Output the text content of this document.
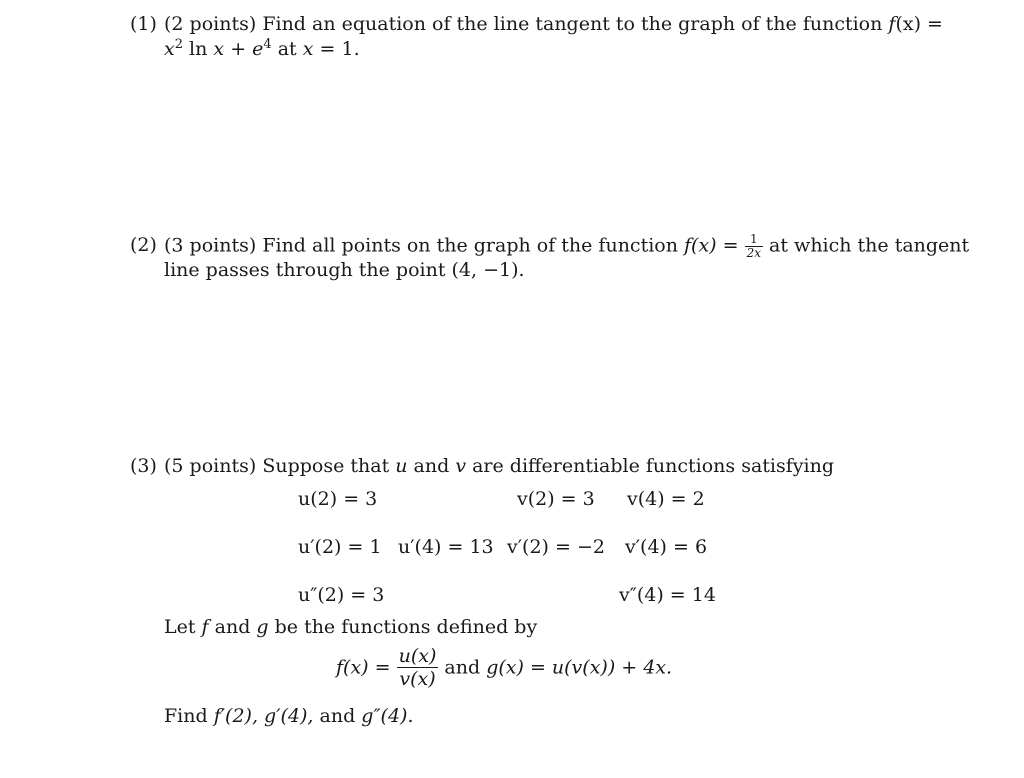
(1) (2 points) Find an equation of the line tangent to the graph of the function f(x) =
$x^2$ $\ln x + e^4$ at x = 1.
(2) (3 points) Find all points on the graph of the function $f(x) = \frac{1}{2x}$ at which the tangent
line passes through the point (4, −1).
(3) (5 points) Suppose that u and v are differentiable functions satisfying
u(2) = 3	v(2) = 3 v(4) = 2
u′(2) = 1 u′(4) = 13 v′(2) = −2 v′(4) = 6
u″(2) = 3	v″(4) = 14
Let f and g be the functions defined by
$f(x) = \frac{u(x)}{v(x)}$ and g(x) = u(v(x)) + 4x.
Find f′(2), g′(4), and g″(4).
